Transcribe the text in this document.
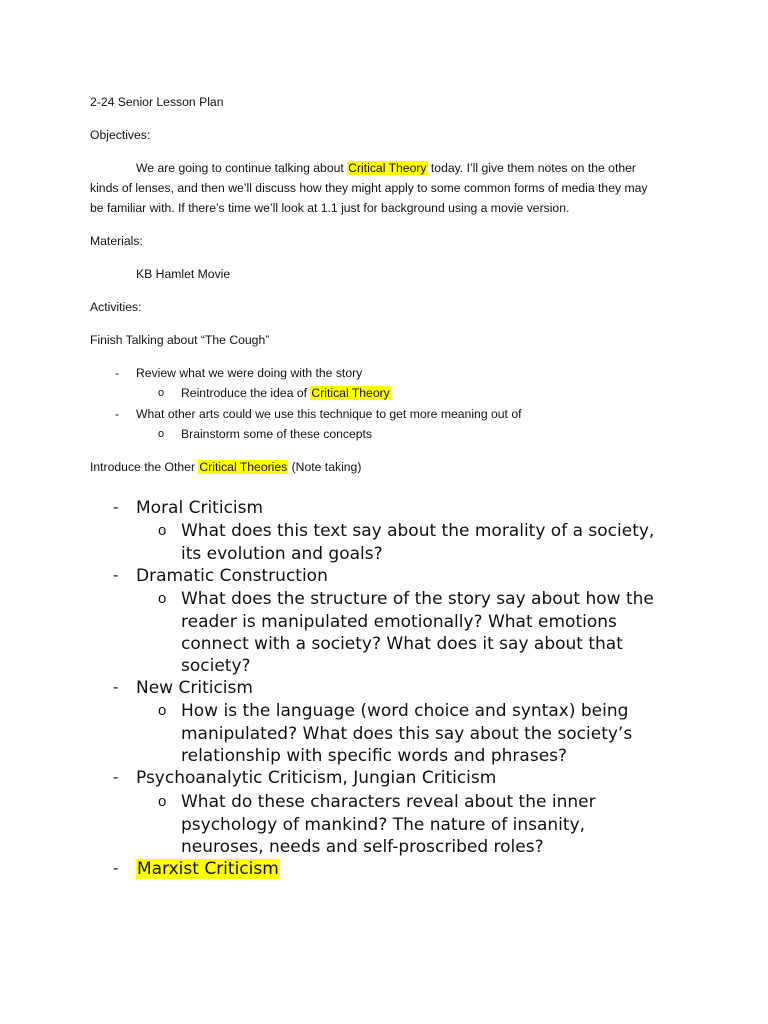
2-24 Senior Lesson Plan
Objectives:
We are going to continue talking about Critical Theory today. I’ll give them notes on the other
kinds of lenses, and then we’ll discuss how they might apply to some common forms of media they may
be familiar with. If there’s time we’ll look at 1.1 just for background using a movie version.
Materials:
KB Hamlet Movie
Activities:
Finish Talking about “The Cough”
- Review what we were doing with the story
o Reintroduce the idea of Critical Theory
- What other arts could we use this technique to get more meaning out of
o Brainstorm some of these concepts
Introduce the Other Critical Theories (Note taking)
- Moral Criticism
o What does this text say about the morality of a society,
its evolution and goals?
- Dramatic Construction
o What does the structure of the story say about how the
reader is manipulated emotionally? What emotions
connect with a society? What does it say about that
society?
- New Criticism
o How is the language (word choice and syntax) being
manipulated? What does this say about the society’s
relationship with specific words and phrases?
- Psychoanalytic Criticism, Jungian Criticism
o What do these characters reveal about the inner
psychology of mankind? The nature of insanity,
neuroses, needs and self-proscribed roles?
- Marxist Criticism
